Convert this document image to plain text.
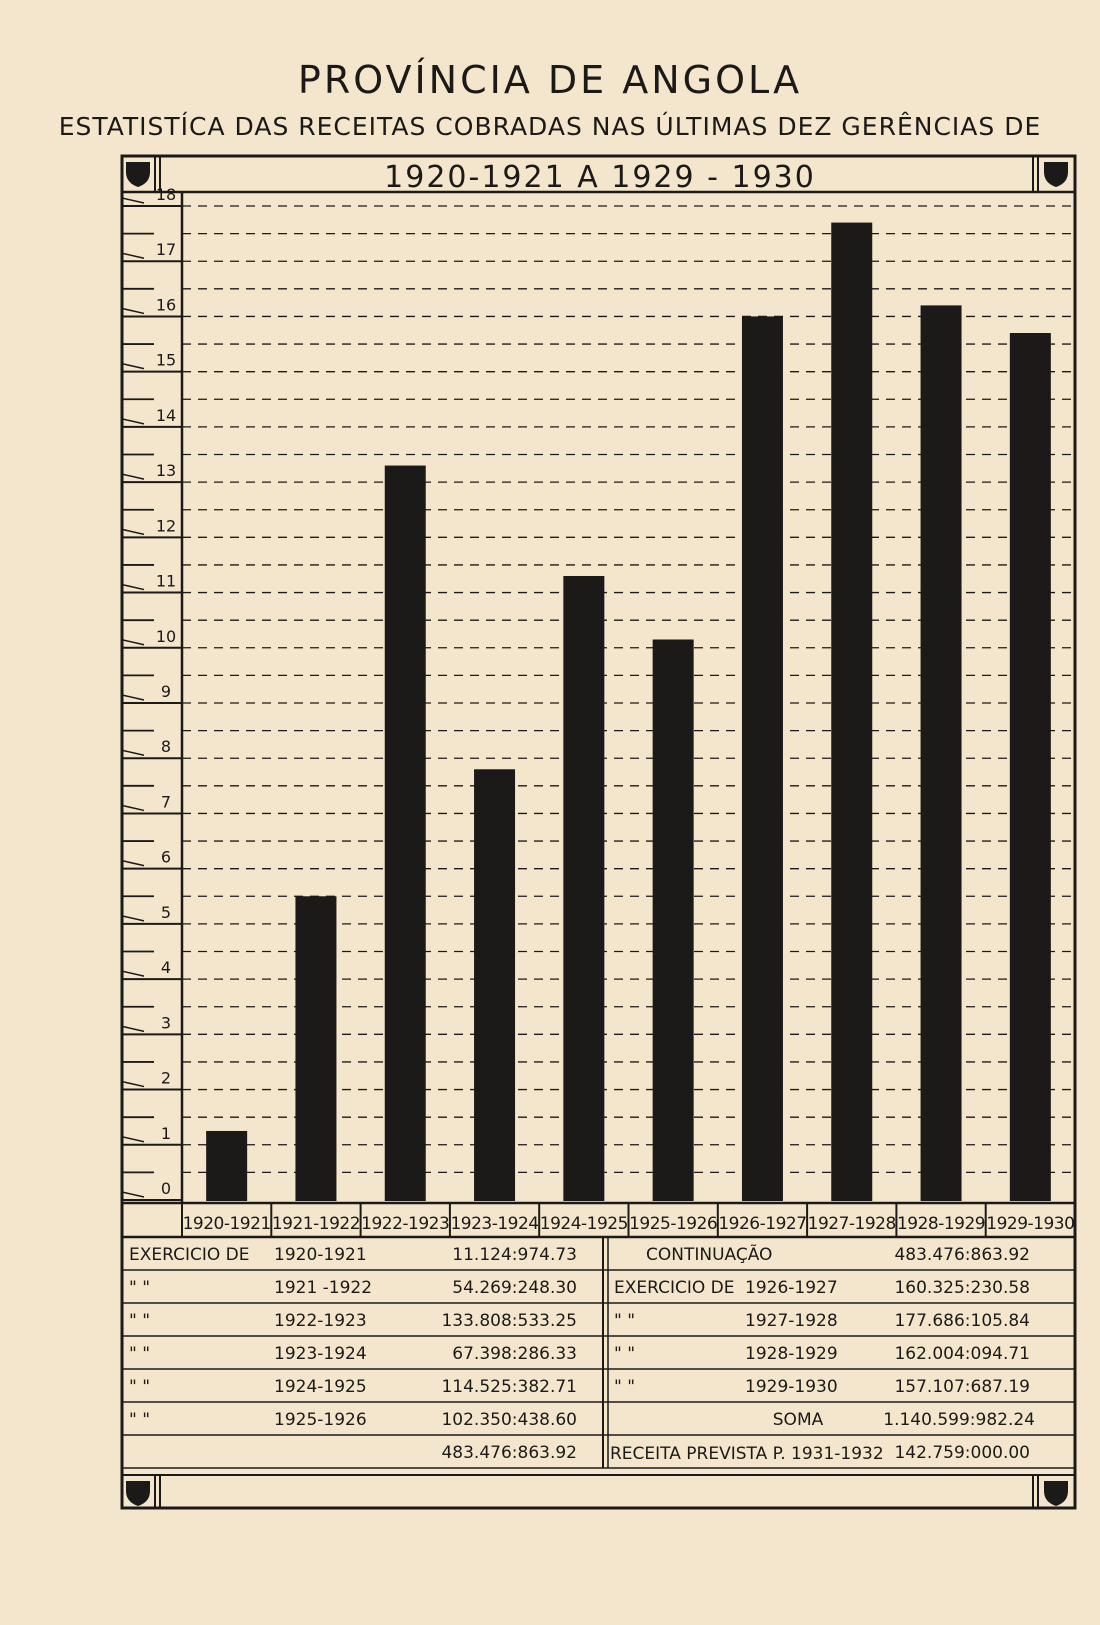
PROVÍNCIA DE ANGOLA
ESTATISTÍCA DAS RECEITAS COBRADAS NAS ÚLTIMAS DEZ GERÊNCIAS DE
0
1
2
3
4
5
6
7
8
9
10
11
12
13
14
15
16
17
18
1920-1921 1921-1922 1922-1923 1923-1924 1924-1925 1925-1926 1926-1927 1927-1928 1928-1929 1929-1930
1920-1921 A 1929 - 1930
EXERCICIO DE 1920-1921	11.124:974.73
" "	1921 -1922	54.269:248.30
" "	1922-1923	133.808:533.25
" "	1923-1924	67.398:286.33
" "	1924-1925	114.525:382.71
" "	1925-1926	102.350:438.60
483.476:863.92
CONTINUAÇÃO	483.476:863.92
EXERCICIO DE 1926-1927	160.325:230.58
" "	1927-1928	177.686:105.84
" "	1928-1929	162.004:094.71
" "	1929-1930	157.107:687.19
SOMA	1.140.599:982.24
RECEITA PREVISTA P. 1931-1932 142.759:000.00
